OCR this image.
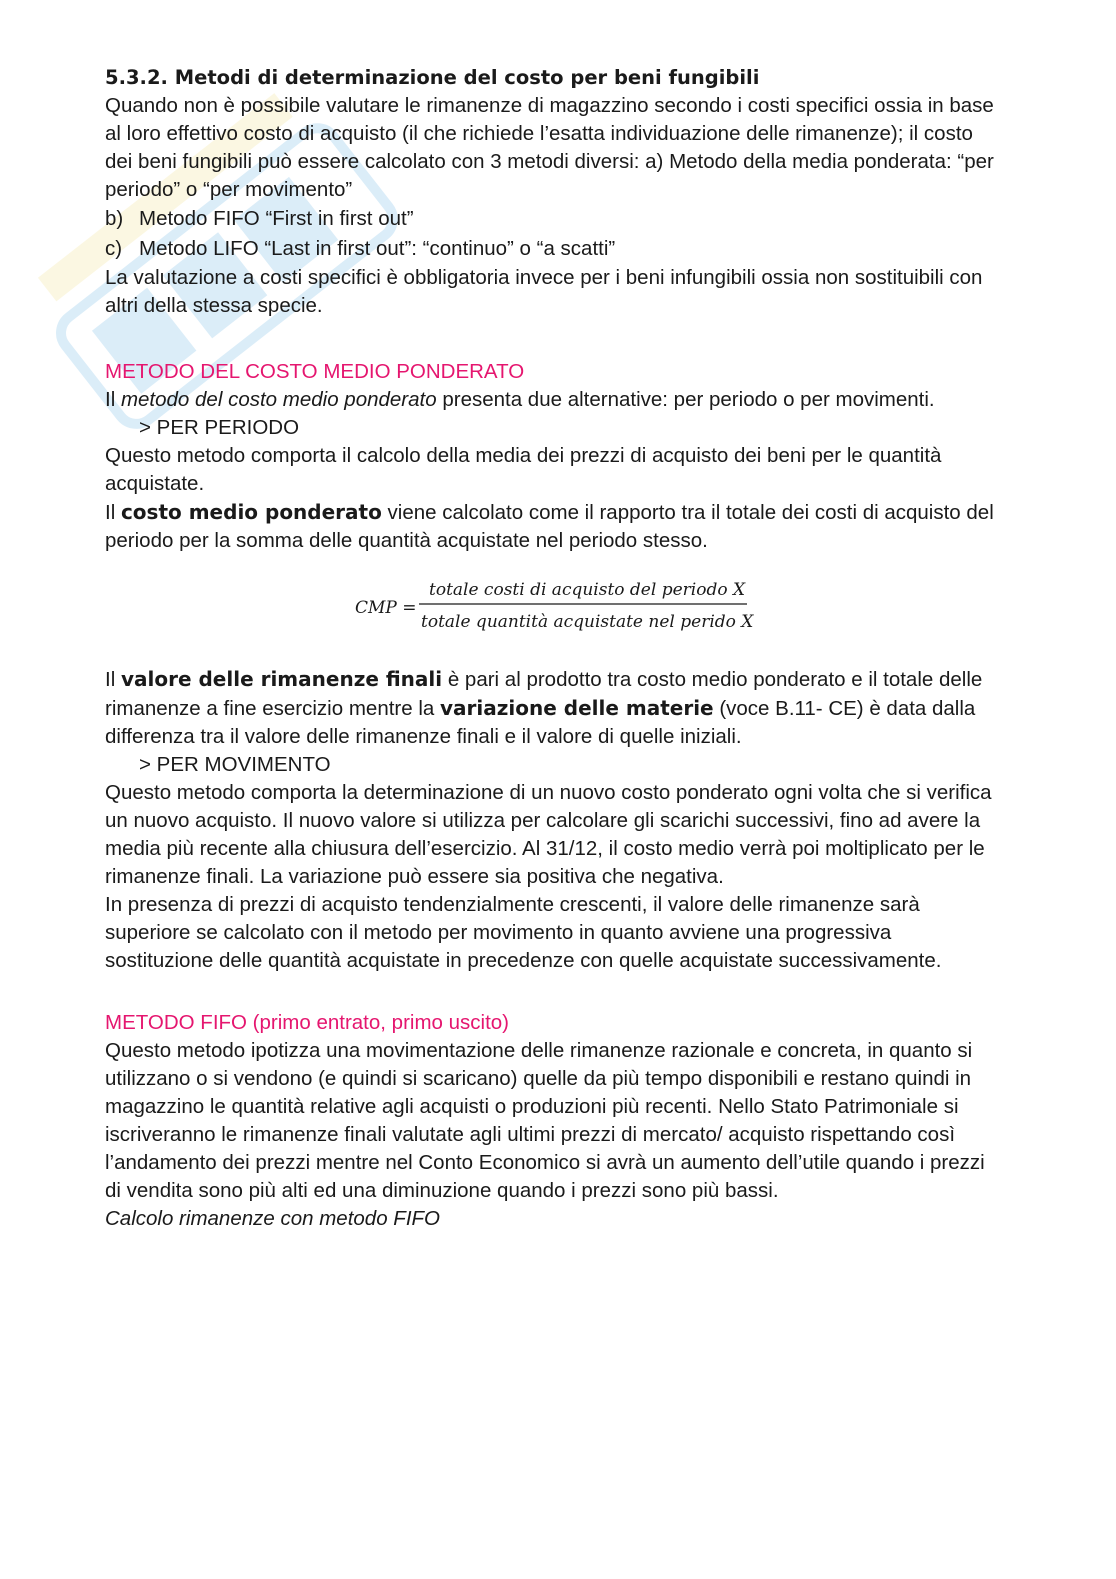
5.3.2. Metodi di determinazione del costo per beni fungibili

Quando non è possibile valutare le rimanenze di magazzino secondo i costi specifici ossia in base al loro effettivo costo di acquisto (il che richiede l’esatta individuazione delle rimanenze); il costo dei beni fungibili può essere calcolato con 3 metodi diversi: a) Metodo della media ponderata: “per periodo” o “per movimento”

b) Metodo FIFO “First in first out”
c) Metodo LIFO “Last in first out”: “continuo” o “a scatti”

La valutazione a costi specifici è obbligatoria invece per i beni infungibili ossia non sostituibili con altri della stessa specie.

METODO DEL COSTO MEDIO PONDERATO

Il metodo del costo medio ponderato presenta due alternative: per periodo o per movimenti.

> PER PERIODO

Questo metodo comporta il calcolo della media dei prezzi di acquisto dei beni per le quantità acquistate.

Il costo medio ponderato viene calcolato come il rapporto tra il totale dei costi di acquisto del periodo per la somma delle quantità acquistate nel periodo stesso.

CMP =
totale costi di acquisto del periodo X
totale quantità acquistate nel perido X

Il valore delle rimanenze finali è pari al prodotto tra costo medio ponderato e il totale delle rimanenze a fine esercizio mentre la variazione delle materie (voce B.11- CE) è data dalla differenza tra il valore delle rimanenze finali e il valore di quelle iniziali.

> PER MOVIMENTO

Questo metodo comporta la determinazione di un nuovo costo ponderato ogni volta che si verifica un nuovo acquisto. Il nuovo valore si utilizza per calcolare gli scarichi successivi, fino ad avere la media più recente alla chiusura dell’esercizio. Al 31/12, il costo medio verrà poi moltiplicato per le rimanenze finali. La variazione può essere sia positiva che negativa.

In presenza di prezzi di acquisto tendenzialmente crescenti, il valore delle rimanenze sarà superiore se calcolato con il metodo per movimento in quanto avviene una progressiva sostituzione delle quantità acquistate in precedenze con quelle acquistate successivamente.

METODO FIFO (primo entrato, primo uscito)

Questo metodo ipotizza una movimentazione delle rimanenze razionale e concreta, in quanto si utilizzano o si vendono (e quindi si scaricano) quelle da più tempo disponibili e restano quindi in magazzino le quantità relative agli acquisti o produzioni più recenti. Nello Stato Patrimoniale si iscriveranno le rimanenze finali valutate agli ultimi prezzi di mercato/ acquisto rispettando così l’andamento dei prezzi mentre nel Conto Economico si avrà un aumento dell’utile quando i prezzi di vendita sono più alti ed una diminuzione quando i prezzi sono più bassi.

Calcolo rimanenze con metodo FIFO
